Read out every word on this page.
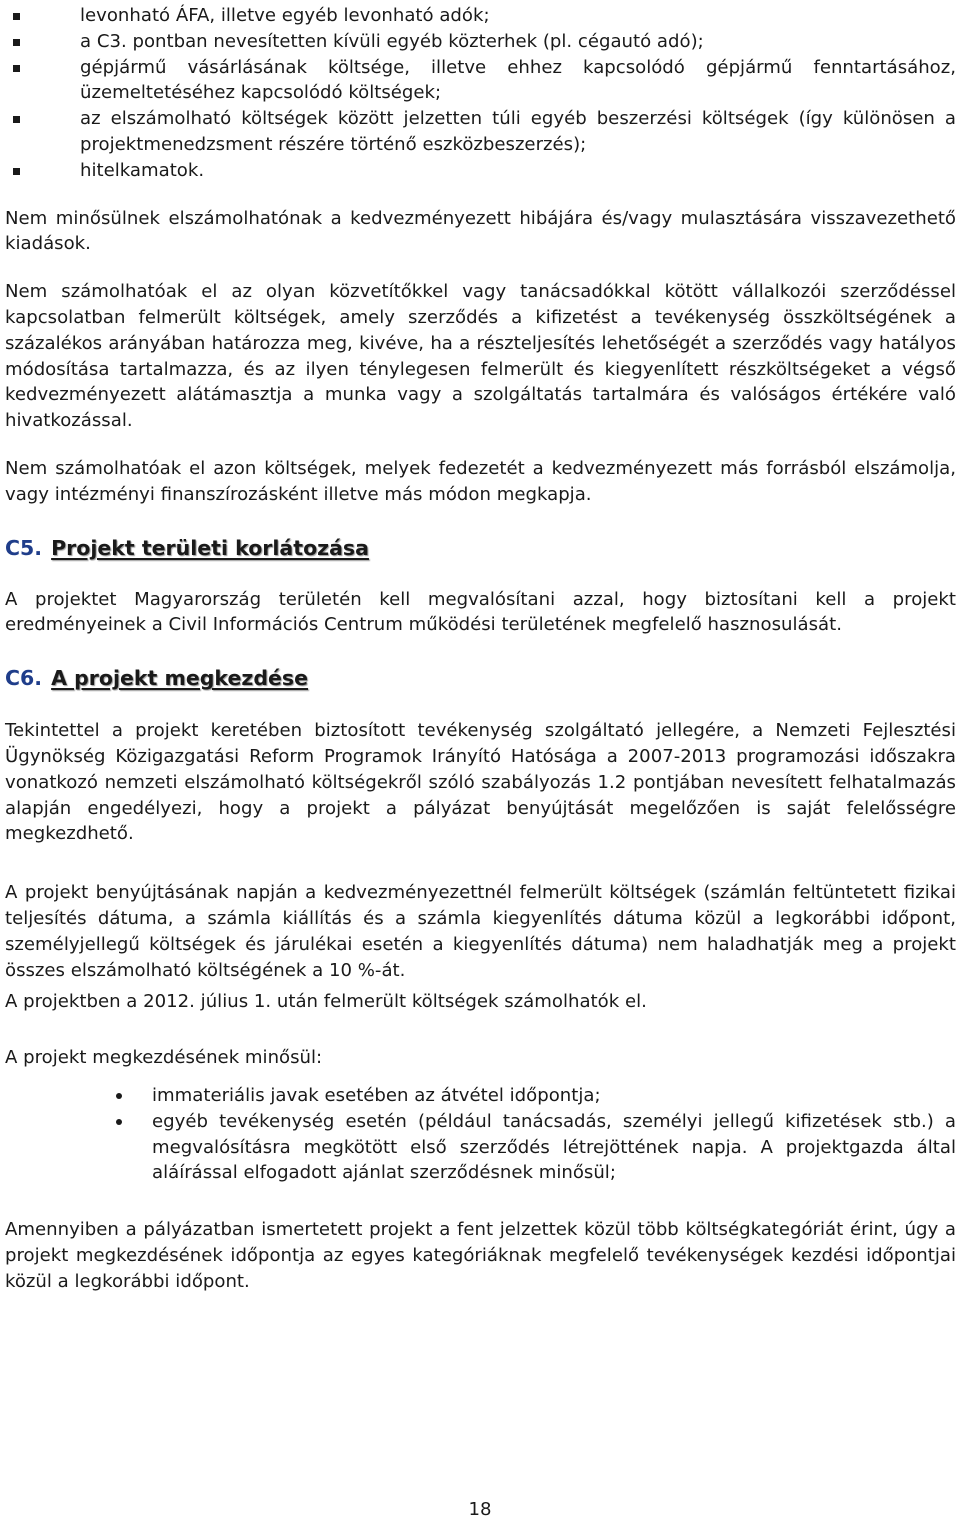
levonható ÁFA, illetve egyéb levonható adók;
a C3. pontban nevesítetten kívüli egyéb közterhek (pl. cégautó adó);
gépjármű vásárlásának költsége, illetve ehhez kapcsolódó gépjármű fenntartásához, üzemeltetéséhez kapcsolódó költségek;
az elszámolható költségek között jelzetten túli egyéb beszerzési költségek (így különösen a projektmenedzsment részére történő eszközbeszerzés);
hitelkamatok.

Nem minősülnek elszámolhatónak a kedvezményezett hibájára és/vagy mulasztására visszavezethető kiadások.

Nem számolhatóak el az olyan közvetítőkkel vagy tanácsadókkal kötött vállalkozói szerződéssel kapcsolatban felmerült költségek, amely szerződés a kifizetést a tevékenység összköltségének a százalékos arányában határozza meg, kivéve, ha a részteljesítés lehetőségét a szerződés vagy hatályos módosítása tartalmazza, és az ilyen ténylegesen felmerült és kiegyenlített részköltségeket a végső kedvezményezett alátámasztja a munka vagy a szolgáltatás tartalmára és valóságos értékére való hivatkozással.

Nem számolhatóak el azon költségek, melyek fedezetét a kedvezményezett más forrásból elszámolja, vagy intézményi finanszírozásként illetve más módon megkapja.

C5. Projekt területi korlátozása

A projektet Magyarország területén kell megvalósítani azzal, hogy biztosítani kell a projekt eredményeinek a Civil Információs Centrum működési területének megfelelő hasznosulását.

C6. A projekt megkezdése

Tekintettel a projekt keretében biztosított tevékenység szolgáltató jellegére, a Nemzeti Fejlesztési Ügynökség Közigazgatási Reform Programok Irányító Hatósága a 2007-2013 programozási időszakra vonatkozó nemzeti elszámolható költségekről szóló szabályozás 1.2 pontjában nevesített felhatalmazás alapján engedélyezi, hogy a projekt a pályázat benyújtását megelőzően is saját felelősségre megkezdhető.

A projekt benyújtásának napján a kedvezményezettnél felmerült költségek (számlán feltüntetett fizikai teljesítés dátuma, a számla kiállítás és a számla kiegyenlítés dátuma közül a legkorábbi időpont, személyjellegű költségek és járulékai esetén a kiegyenlítés dátuma) nem haladhatják meg a projekt összes elszámolható költségének a 10 %-át.

A projektben a 2012. július 1. után felmerült költségek számolhatók el.

A projekt megkezdésének minősül:

immateriális javak esetében az átvétel időpontja;
egyéb tevékenység esetén (például tanácsadás, személyi jellegű kifizetések stb.) a megvalósításra megkötött első szerződés létrejöttének napja. A projektgazda által aláírással elfogadott ajánlat szerződésnek minősül;

Amennyiben a pályázatban ismertetett projekt a fent jelzettek közül több költségkategóriát érint, úgy a projekt megkezdésének időpontja az egyes kategóriáknak megfelelő tevékenységek kezdési időpontjai közül a legkorábbi időpont.

18
